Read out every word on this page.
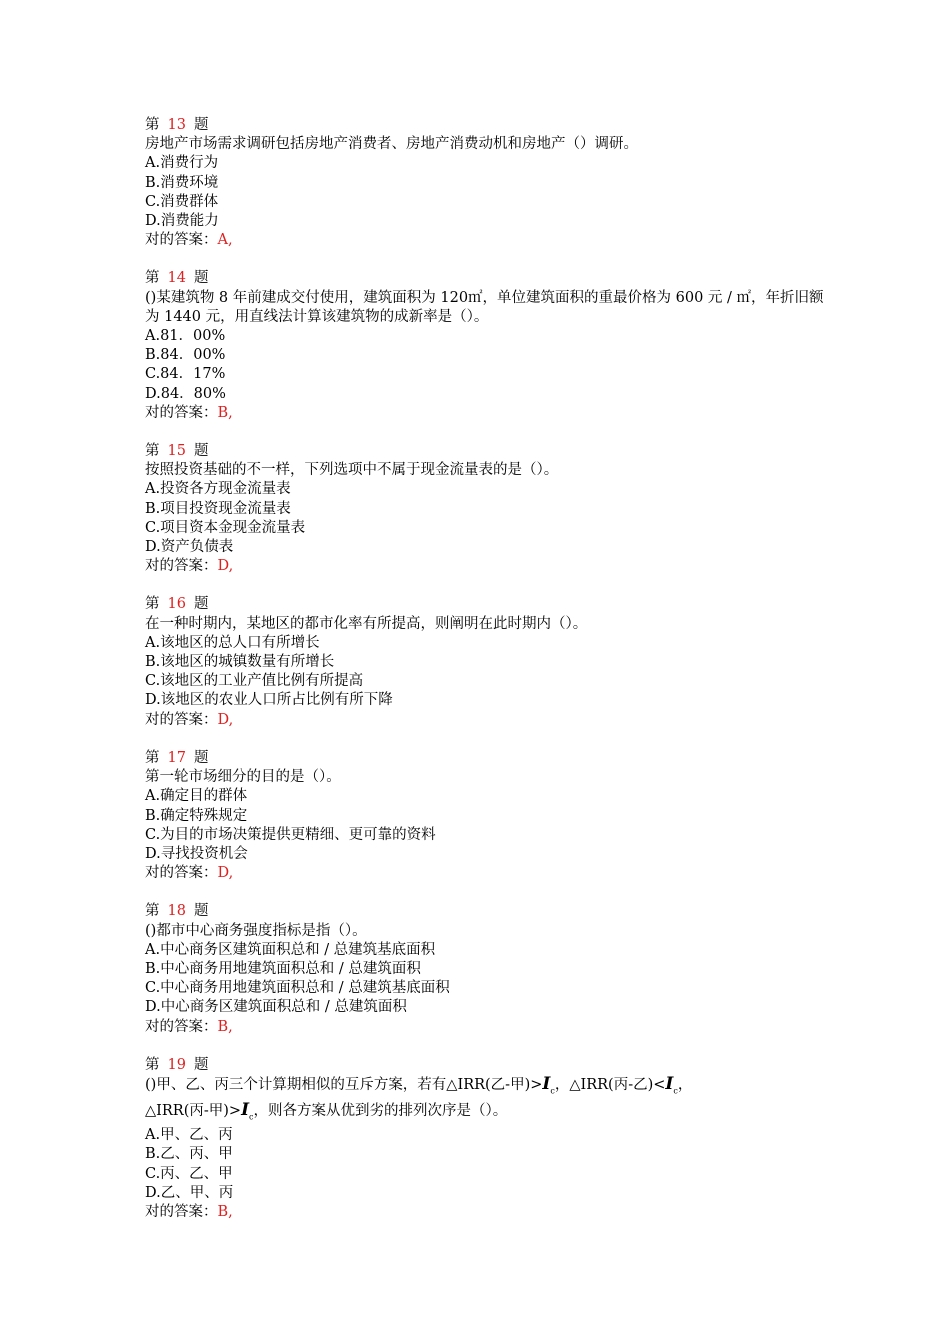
第 13 题
房地产市场需求调研包括房地产消费者、房地产消费动机和房地产（）调研。
A.消费行为
B.消费环境
C.消费群体
D.消费能力
对的答案：A,
第 14 题
()某建筑物 8 年前建成交付使用，建筑面积为 120㎡，单位建筑面积的重最价格为 600 元 / ㎡，年折旧额为 1440 元，用直线法计算该建筑物的成新率是（）。
A.81．00%
B.84．00%
C.84．17%
D.84．80%
对的答案：B,
第 15 题
按照投资基础的不一样，下列选项中不属于现金流量表的是（）。
A.投资各方现金流量表
B.项目投资现金流量表
C.项目资本金现金流量表
D.资产负债表
对的答案：D,
第 16 题
在一种时期内，某地区的都市化率有所提高，则阐明在此时期内（）。
A.该地区的总人口有所增长
B.该地区的城镇数量有所增长
C.该地区的工业产值比例有所提高
D.该地区的农业人口所占比例有所下降
对的答案：D,
第 17 题
第一轮市场细分的目的是（）。
A.确定目的群体
B.确定特殊规定
C.为目的市场决策提供更精细、更可靠的资料
D.寻找投资机会
对的答案：D,
第 18 题
()都市中心商务强度指标是指（）。
A.中心商务区建筑面积总和 / 总建筑基底面积
B.中心商务用地建筑面积总和 / 总建筑面积
C.中心商务用地建筑面积总和 / 总建筑基底面积
D.中心商务区建筑面积总和 / 总建筑面积
对的答案：B,
第 19 题
()甲、乙、丙三个计算期相似的互斥方案，若有△IRR(乙-甲)$>I_c$，△IRR(丙-乙)$<I_c$，
△IRR(丙-甲)$>I_c$，则各方案从优到劣的排列次序是（）。
A.甲、乙、丙
B.乙、丙、甲
C.丙、乙、甲
D.乙、甲、丙
对的答案：B,
